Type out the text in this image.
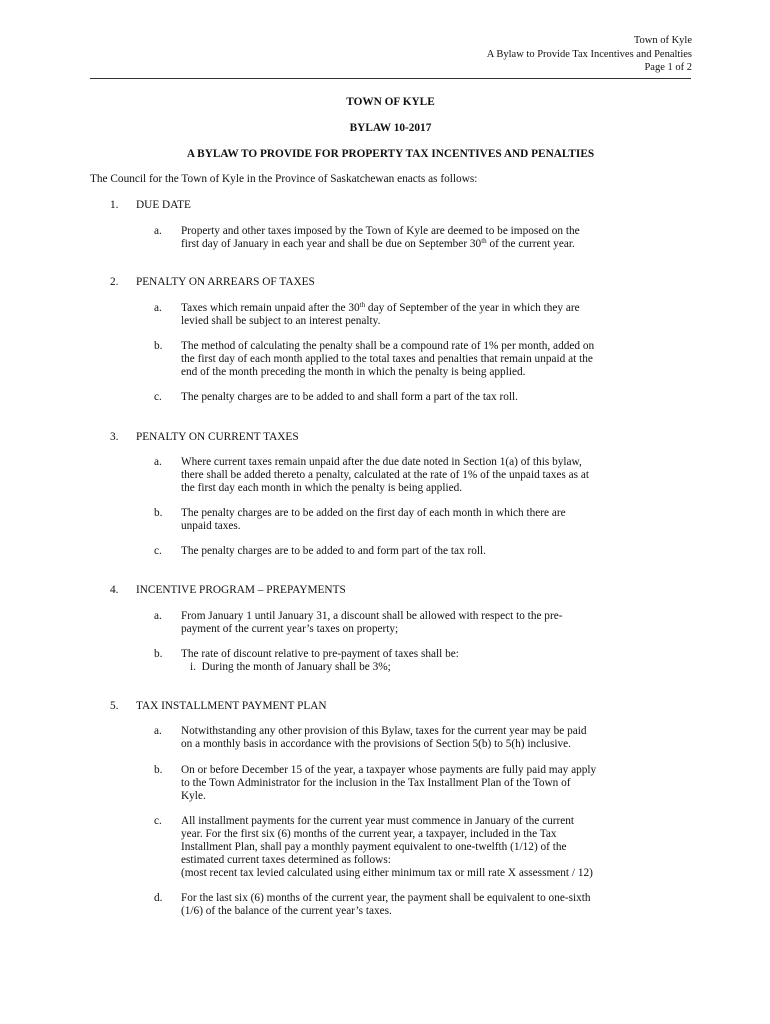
Town of Kyle
A Bylaw to Provide Tax Incentives and Penalties
Page 1 of 2
TOWN OF KYLE
BYLAW 10-2017
A BYLAW TO PROVIDE FOR PROPERTY TAX INCENTIVES AND PENALTIES
The Council for the Town of Kyle in the Province of Saskatchewan enacts as follows:
1. DUE DATE
a. Property and other taxes imposed by the Town of Kyle are deemed to be imposed on the
first day of January in each year and shall be due on September 30th of the current year.
2. PENALTY ON ARREARS OF TAXES
a. Taxes which remain unpaid after the 30th day of September of the year in which they are
levied shall be subject to an interest penalty.
b. The method of calculating the penalty shall be a compound rate of 1% per month, added on
the first day of each month applied to the total taxes and penalties that remain unpaid at the
end of the month preceding the month in which the penalty is being applied.
c. The penalty charges are to be added to and shall form a part of the tax roll.
3. PENALTY ON CURRENT TAXES
a. Where current taxes remain unpaid after the due date noted in Section 1(a) of this bylaw,
there shall be added thereto a penalty, calculated at the rate of 1% of the unpaid taxes as at
the first day each month in which the penalty is being applied.
b. The penalty charges are to be added on the first day of each month in which there are
unpaid taxes.
c. The penalty charges are to be added to and form part of the tax roll.
4. INCENTIVE PROGRAM – PREPAYMENTS
a. From January 1 until January 31, a discount shall be allowed with respect to the pre-
payment of the current year’s taxes on property;
b. The rate of discount relative to pre-payment of taxes shall be:
i. During the month of January shall be 3%;
5. TAX INSTALLMENT PAYMENT PLAN
a. Notwithstanding any other provision of this Bylaw, taxes for the current year may be paid
on a monthly basis in accordance with the provisions of Section 5(b) to 5(h) inclusive.
b. On or before December 15 of the year, a taxpayer whose payments are fully paid may apply
to the Town Administrator for the inclusion in the Tax Installment Plan of the Town of
Kyle.
c. All installment payments for the current year must commence in January of the current
year. For the first six (6) months of the current year, a taxpayer, included in the Tax
Installment Plan, shall pay a monthly payment equivalent to one-twelfth (1/12) of the
estimated current taxes determined as follows:
(most recent tax levied calculated using either minimum tax or mill rate X assessment / 12)
d. For the last six (6) months of the current year, the payment shall be equivalent to one-sixth
(1/6) of the balance of the current year’s taxes.
